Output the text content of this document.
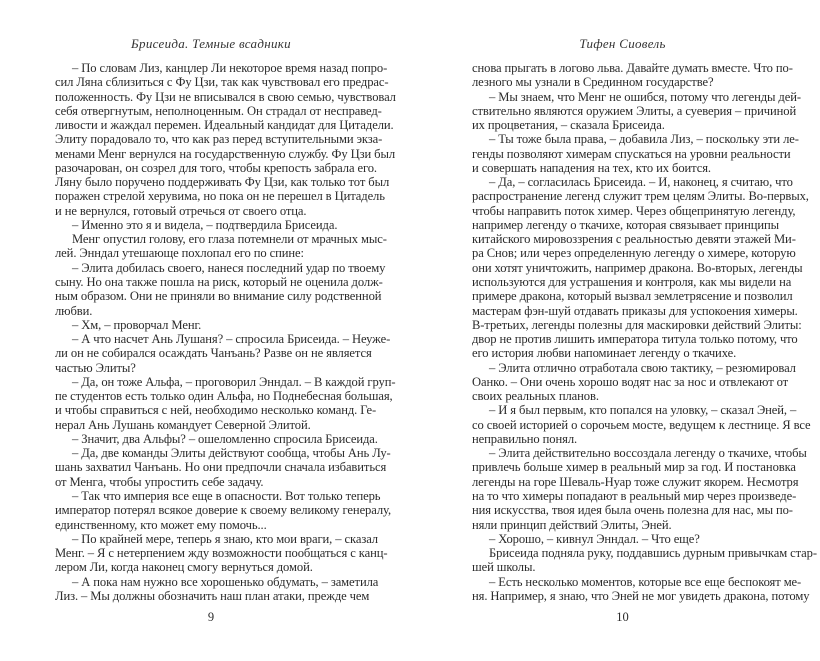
Брисеида. Темные всадники
– По словам Лиз, канцлер Ли некоторое время назад попро-
сил Ляна сблизиться с Фу Цзи, так как чувствовал его предрас-
положенность. Фу Цзи не вписывался в свою семью, чувствовал
себя отвергнутым, неполноценным. Он страдал от несправед-
ливости и жаждал перемен. Идеальный кандидат для Цитадели.
Элиту порадовало то, что как раз перед вступительными экза-
менами Менг вернулся на государственную службу. Фу Цзи был
разочарован, он созрел для того, чтобы крепость забрала его.
Ляну было поручено поддерживать Фу Цзи, как только тот был
поражен стрелой херувима, но пока он не перешел в Цитадель
и не вернулся, готовый отречься от своего отца.
– Именно это я и видела, – подтвердила Брисеида.
Менг опустил голову, его глаза потемнели от мрачных мыс-
лей. Энндал утешающе похлопал его по спине:
– Элита добилась своего, нанеся последний удар по твоему
сыну. Но она также пошла на риск, который не оценила долж-
ным образом. Они не приняли во внимание силу родственной
любви.
– Хм, – проворчал Менг.
– А что насчет Ань Лушаня? – спросила Брисеида. – Неуже-
ли он не собирался осаждать Чанъань? Разве он не является
частью Элиты?
– Да, он тоже Альфа, – проговорил Энндал. – В каждой груп-
пе студентов есть только один Альфа, но Поднебесная большая,
и чтобы справиться с ней, необходимо несколько команд. Ге-
нерал Ань Лушань командует Северной Элитой.
– Значит, два Альфы? – ошеломленно спросила Брисеида.
– Да, две команды Элиты действуют сообща, чтобы Ань Лу-
шань захватил Чанъань. Но они предпочли сначала избавиться
от Менга, чтобы упростить себе задачу.
– Так что империя все еще в опасности. Вот только теперь
император потерял всякое доверие к своему великому генералу,
единственному, кто может ему помочь...
– По крайней мере, теперь я знаю, кто мои враги, – сказал
Менг. – Я с нетерпением жду возможности пообщаться с канц-
лером Ли, когда наконец смогу вернуться домой.
– А пока нам нужно все хорошенько обдумать, – заметила
Лиз. – Мы должны обозначить наш план атаки, прежде чем
9
Тифен Сиовель
снова прыгать в логово льва. Давайте думать вместе. Что по-
лезного мы узнали в Срединном государстве?
– Мы знаем, что Менг не ошибся, потому что легенды дей-
ствительно являются оружием Элиты, а суеверия – причиной
их процветания, – сказала Брисеида.
– Ты тоже была права, – добавила Лиз, – поскольку эти ле-
генды позволяют химерам спускаться на уровни реальности
и совершать нападения на тех, кто их боится.
– Да, – согласилась Брисеида. – И, наконец, я считаю, что
распространение легенд служит трем целям Элиты. Во-первых,
чтобы направить поток химер. Через общепринятую легенду,
например легенду о ткачихе, которая связывает принципы
китайского мировоззрения с реальностью девяти этажей Ми-
ра Снов; или через определенную легенду о химере, которую
они хотят уничтожить, например дракона. Во-вторых, легенды
используются для устрашения и контроля, как мы видели на
примере дракона, который вызвал землетрясение и позволил
мастерам фэн-шуй отдавать приказы для успокоения химеры.
В-третьих, легенды полезны для маскировки действий Элиты:
двор не против лишить императора титула только потому, что
его история любви напоминает легенду о ткачихе.
– Элита отлично отработала свою тактику, – резюмировал
Оанко. – Они очень хорошо водят нас за нос и отвлекают от
своих реальных планов.
– И я был первым, кто попался на уловку, – сказал Эней, –
со своей историей о сорочьем мосте, ведущем к лестнице. Я все
неправильно понял.
– Элита действительно воссоздала легенду о ткачихе, чтобы
привлечь больше химер в реальный мир за год. И постановка
легенды на горе Шеваль-Нуар тоже служит якорем. Несмотря
на то что химеры попадают в реальный мир через произведе-
ния искусства, твоя идея была очень полезна для нас, мы по-
няли принцип действий Элиты, Эней.
– Хорошо, – кивнул Энндал. – Что еще?
Брисеида подняла руку, поддавшись дурным привычкам стар-
шей школы.
– Есть несколько моментов, которые все еще беспокоят ме-
ня. Например, я знаю, что Эней не мог увидеть дракона, потому
10
